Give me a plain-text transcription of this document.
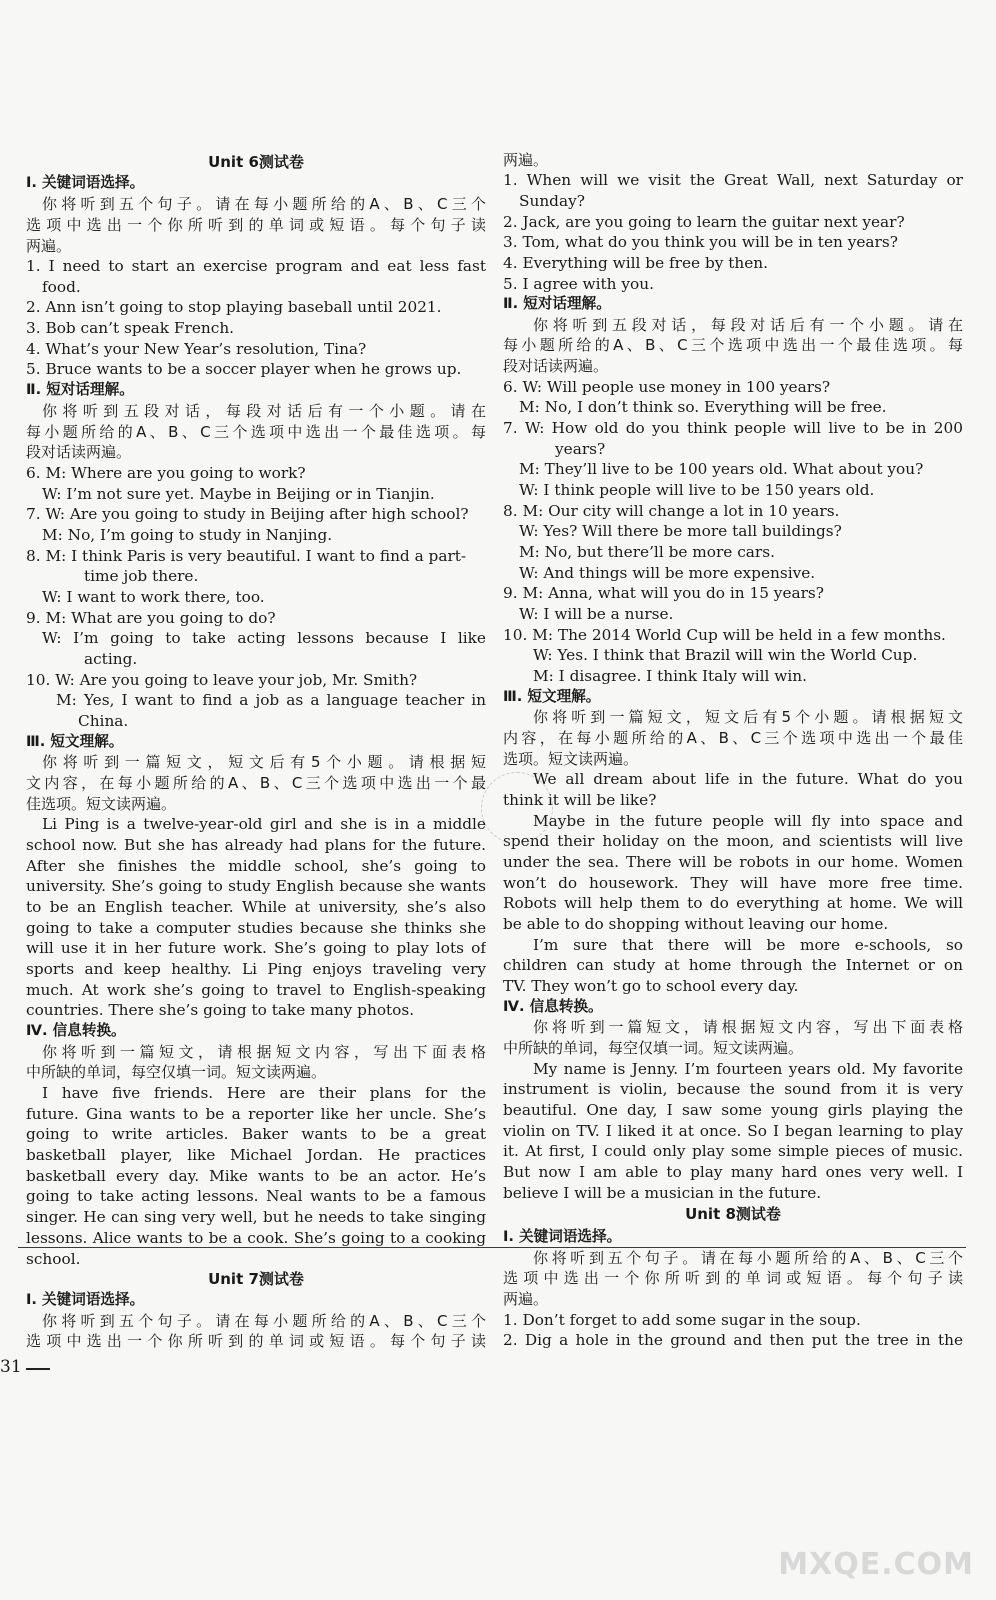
Unit 6测试卷
Ⅰ. 关键词语选择。
你将听到五个句子。请在每小题所给的A、B、C三个
选项中选出一个你所听到的单词或短语。每个句子读
两遍。
1. I need to start an exercise program and eat less fast
food.
2. Ann isn’t going to stop playing baseball until 2021.
3. Bob can’t speak French.
4. What’s your New Year’s resolution, Tina?
5. Bruce wants to be a soccer player when he grows up.
Ⅱ. 短对话理解。
你将听到五段对话，每段对话后有一个小题。请在
每小题所给的A、B、C三个选项中选出一个最佳选项。每
段对话读两遍。
6. M: Where are you going to work?
W: I’m not sure yet. Maybe in Beijing or in Tianjin.
7. W: Are you going to study in Beijing after high school?
M: No, I’m going to study in Nanjing.
8. M: I think Paris is very beautiful. I want to find a part-
time job there.
W: I want to work there, too.
9. M: What are you going to do?
W: I’m going to take acting lessons because I like
acting.
10. W: Are you going to leave your job, Mr. Smith?
M: Yes, I want to find a job as a language teacher in
China.
Ⅲ. 短文理解。
你将听到一篇短文，短文后有5个小题。请根据短
文内容，在每小题所给的A、B、C三个选项中选出一个最
佳选项。短文读两遍。
Li Ping is a twelve-year-old girl and she is in a middle
school now. But she has already had plans for the future.
After she finishes the middle school, she’s going to
university. She’s going to study English because she wants
to be an English teacher. While at university, she’s also
going to take a computer studies because she thinks she
will use it in her future work. She’s going to play lots of
sports and keep healthy. Li Ping enjoys traveling very
much. At work she’s going to travel to English-speaking
countries. There she’s going to take many photos.
Ⅳ. 信息转换。
你将听到一篇短文，请根据短文内容，写出下面表格
中所缺的单词，每空仅填一词。短文读两遍。
I have five friends. Here are their plans for the
future. Gina wants to be a reporter like her uncle. She’s
going to write articles. Baker wants to be a great
basketball player, like Michael Jordan. He practices
basketball every day. Mike wants to be an actor. He’s
going to take acting lessons. Neal wants to be a famous
singer. He can sing very well, but he needs to take singing
lessons. Alice wants to be a cook. She’s going to a cooking
school.
Unit 7测试卷
Ⅰ. 关键词语选择。
你将听到五个句子。请在每小题所给的A、B、C三个
选项中选出一个你所听到的单词或短语。每个句子读
两遍。
1. When will we visit the Great Wall, next Saturday or
Sunday?
2. Jack, are you going to learn the guitar next year?
3. Tom, what do you think you will be in ten years?
4. Everything will be free by then.
5. I agree with you.
Ⅱ. 短对话理解。
你将听到五段对话，每段对话后有一个小题。请在
每小题所给的A、B、C三个选项中选出一个最佳选项。每
段对话读两遍。
6. W: Will people use money in 100 years?
M: No, I don’t think so. Everything will be free.
7. W: How old do you think people will live to be in 200
years?
M: They’ll live to be 100 years old. What about you?
W: I think people will live to be 150 years old.
8. M: Our city will change a lot in 10 years.
W: Yes? Will there be more tall buildings?
M: No, but there’ll be more cars.
W: And things will be more expensive.
9. M: Anna, what will you do in 15 years?
W: I will be a nurse.
10. M: The 2014 World Cup will be held in a few months.
W: Yes. I think that Brazil will win the World Cup.
M: I disagree. I think Italy will win.
Ⅲ. 短文理解。
你将听到一篇短文，短文后有5个小题。请根据短文
内容，在每小题所给的A、B、C三个选项中选出一个最佳
选项。短文读两遍。
We all dream about life in the future. What do you
think it will be like?
Maybe in the future people will fly into space and
spend their holiday on the moon, and scientists will live
under the sea. There will be robots in our home. Women
won’t do housework. They will have more free time.
Robots will help them to do everything at home. We will
be able to do shopping without leaving our home.
I’m sure that there will be more e-schools, so
children can study at home through the Internet or on
TV. They won’t go to school every day.
Ⅳ. 信息转换。
你将听到一篇短文，请根据短文内容，写出下面表格
中所缺的单词，每空仅填一词。短文读两遍。
My name is Jenny. I’m fourteen years old. My favorite
instrument is violin, because the sound from it is very
beautiful. One day, I saw some young girls playing the
violin on TV. I liked it at once. So I began learning to play
it. At first, I could only play some simple pieces of music.
But now I am able to play many hard ones very well. I
believe I will be a musician in the future.
Unit 8测试卷
Ⅰ. 关键词语选择。
你将听到五个句子。请在每小题所给的A、B、C三个
选项中选出一个你所听到的单词或短语。每个句子读
两遍。
1. Don’t forget to add some sugar in the soup.
2. Dig a hole in the ground and then put the tree in the
31
MXQE.COM
